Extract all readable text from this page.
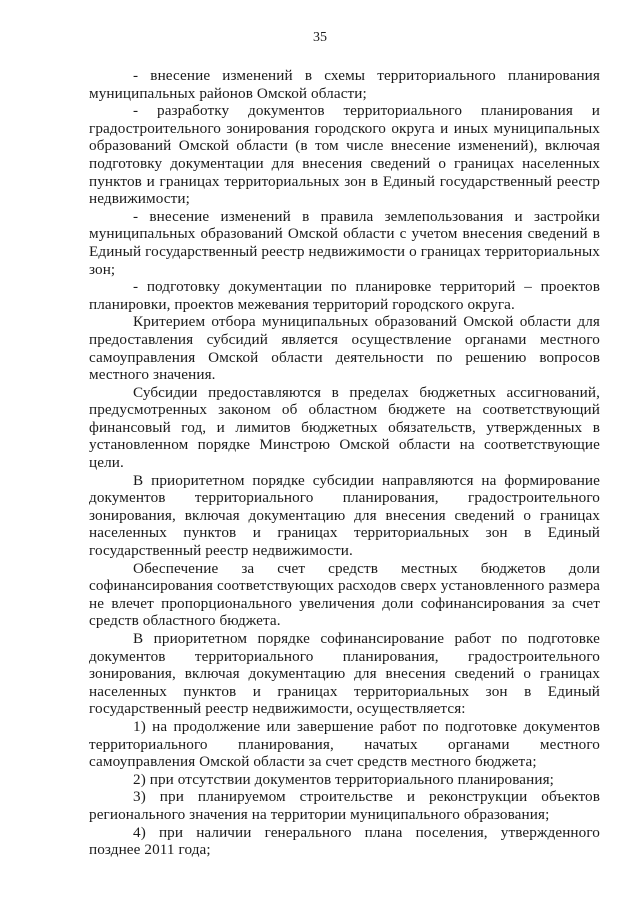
35

- внесение изменений в схемы территориального планирования муниципальных районов Омской области;

- разработку документов территориального планирования и градостроительного зонирования городского округа и иных муниципальных образований Омской области (в том числе внесение изменений), включая подготовку документации для внесения сведений о границах населенных пунктов и границах территориальных зон в Единый государственный реестр недвижимости;

- внесение изменений в правила землепользования и застройки муниципальных образований Омской области с учетом внесения сведений в Единый государственный реестр недвижимости о границах территориальных зон;

- подготовку документации по планировке территорий – проектов планировки, проектов межевания территорий городского округа.

Критерием отбора муниципальных образований Омской области для предоставления субсидий является осуществление органами местного самоуправления Омской области деятельности по решению вопросов местного значения.

Субсидии предоставляются в пределах бюджетных ассигнований, предусмотренных законом об областном бюджете на соответствующий финансовый год, и лимитов бюджетных обязательств, утвержденных в установленном порядке Минстрою Омской области на соответствующие цели.

В приоритетном порядке субсидии направляются на формирование документов территориального планирования, градостроительного зонирования, включая документацию для внесения сведений о границах населенных пунктов и границах территориальных зон в Единый государственный реестр недвижимости.

Обеспечение за счет средств местных бюджетов доли софинансирования соответствующих расходов сверх установленного размера не влечет пропорционального увеличения доли софинансирования за счет средств областного бюджета.

В приоритетном порядке софинансирование работ по подготовке документов территориального планирования, градостроительного зонирования, включая документацию для внесения сведений о границах населенных пунктов и границах территориальных зон в Единый государственный реестр недвижимости, осуществляется:

1) на продолжение или завершение работ по подготовке документов территориального планирования, начатых органами местного самоуправления Омской области за счет средств местного бюджета;

2) при отсутствии документов территориального планирования;

3) при планируемом строительстве и реконструкции объектов регионального значения на территории муниципального образования;

4) при наличии генерального плана поселения, утвержденного позднее 2011 года;
